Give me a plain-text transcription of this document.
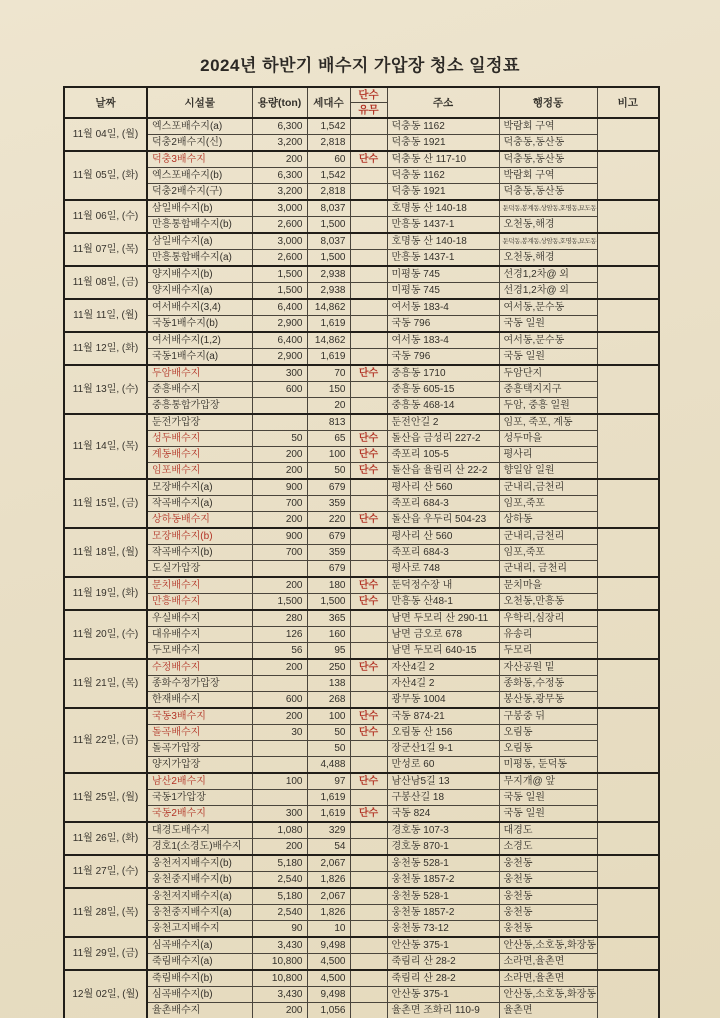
2024년 하반기 배수지 가압장 청소 일정표
날짜	시설물	용량(ton)	세대수	단수
유무	주소	행정동	비고
11월 04일, (월)	엑스포배수지(a)	6,300	1,542		덕충동 1162	박람회 구역	
	덕충2배수지(신)	3,200	2,818		덕충동 1921	덕충동,동산동	
11월 05일, (화)	덕충3배수지	200	60	단수	덕충동 산 117-10	덕충동,동산동	
	엑스포배수지(b)	6,300	1,542		덕충동 1162	박람회 구역	
	덕충2배수지(구)	3,200	2,818		덕충동 1921	덕충동,동산동	
11월 06일, (수)	삼일배수지(b)	3,000	8,037		호명동 산 140-18	둔덕동,봉계동,상암동,호명동,묘도동	
	만흥통합배수지(b)	2,600	1,500		만흥동 1437-1	오천동,해경	
11월 07일, (목)	삼일배수지(a)	3,000	8,037		호명동 산 140-18	둔덕동,봉계동,상암동,호명동,묘도동	
	만흥통합배수지(a)	2,600	1,500		만흥동 1437-1	오천동,해경	
11월 08일, (금)	양지배수지(b)	1,500	2,938		미평동 745	선경1,2차@ 외	
	양지배수지(a)	1,500	2,938		미평동 745	선경1,2차@ 외	
11월 11일, (월)	여서배수지(3,4)	6,400	14,862		여서동 183-4	여서동,문수동	
	국동1배수지(b)	2,900	1,619		국동 796	국동 일원	
11월 12일, (화)	여서배수지(1,2)	6,400	14,862		여서동 183-4	여서동,문수동	
	국동1배수지(a)	2,900	1,619		국동 796	국동 일원	
11월 13일, (수)	두암배수지	300	70	단수	중흥동 1710	두암단지	
	중흥배수지	600	150		중흥동 605-15	중흥택지지구	
	중흥통합가압장		20		중흥동 468-14	두암, 중흥 일원	
11월 14일, (목)	둔전가압장		813		둔전안길 2	임포, 죽포, 계동	
	성두배수지	50	65	단수	돌산읍 금성리 227-2	성두마을	
	계동배수지	200	100	단수	죽포리 105-5	평사리	
	임포배수지	200	50	단수	돌산읍 율림리 산 22-2	향일암 일원	
11월 15일, (금)	모장배수지(a)	900	679		평사리 산 560	군내리,금천리	
	작곡배수지(a)	700	359		죽포리 684-3	임포,죽포	
	상하동배수지	200	220	단수	돌산읍 우두리 504-23	상하동	
11월 18일, (월)	모장배수지(b)	900	679		평사리 산 560	군내리,금천리	
	작곡배수지(b)	700	359		죽포리 684-3	임포,죽포	
	도실가압장		679		평사로 748	군내리, 금천리	
11월 19일, (화)	문치배수지	200	180	단수	둔덕정수장 내	문치마을	
	만흥배수지	1,500	1,500	단수	만흥동 산48-1	오천동,만흥동	
11월 20일, (수)	우실배수지	280	365		남면 두모리 산 290-11	우학리,심장리	
	대유배수지	126	160		남면 금오로 678	유송리	
	두모배수지	56	95		남면 두모리 640-15	두모리	
11월 21일, (목)	수정배수지	200	250	단수	자산4길 2	자산공원 밑	
	종화수정가압장		138		자산4길 2	종화동,수정동	
	한재배수지	600	268		광무동 1004	봉산동,광무동	
11월 22일, (금)	국동3배수지	200	100	단수	국동 874-21	구봉중 뒤	
	돌곡배수지	30	50	단수	오림동 산 156	오림동	
	돌곡가압장		50		장군산1길 9-1	오림동	
	양지가압장		4,488		만성로 60	미평동, 둔덕동	
11월 25일, (월)	남산2배수지	100	97	단수	남산남5길 13	무지개@ 앞	
	국동1가압장		1,619		구봉산길 18	국동 일원	
	국동2배수지	300	1,619	단수	국동 824	국동 일원	
11월 26일, (화)	대경도배수지	1,080	329		경호동 107-3	대경도	
	경호1(소경도)배수지	200	54		경호동 870-1	소경도	
11월 27일, (수)	웅천저지배수지(b)	5,180	2,067		웅천동 528-1	웅천동	
	웅천중지배수지(b)	2,540	1,826		웅천동 1857-2	웅천동	
11월 28일, (목)	웅천저지배수지(a)	5,180	2,067		웅천동 528-1	웅천동	
	웅천중지배수지(a)	2,540	1,826		웅천동 1857-2	웅천동	
	웅천고지배수지	90	10		웅천동 73-12	웅천동	
11월 29일, (금)	심곡배수지(a)	3,430	9,498		안산동 375-1	안산동,소호동,화장동	
	죽림배수지(a)	10,800	4,500		죽림리 산 28-2	소라면,율촌면	
12월 02일, (월)	죽림배수지(b)	10,800	4,500		죽림리 산 28-2	소라면,율촌면	
	심곡배수지(b)	3,430	9,498		안산동 375-1	안산동,소호동,화장동	
	율촌배수지	200	1,056		율촌면 조화리 110-9	율촌면	
